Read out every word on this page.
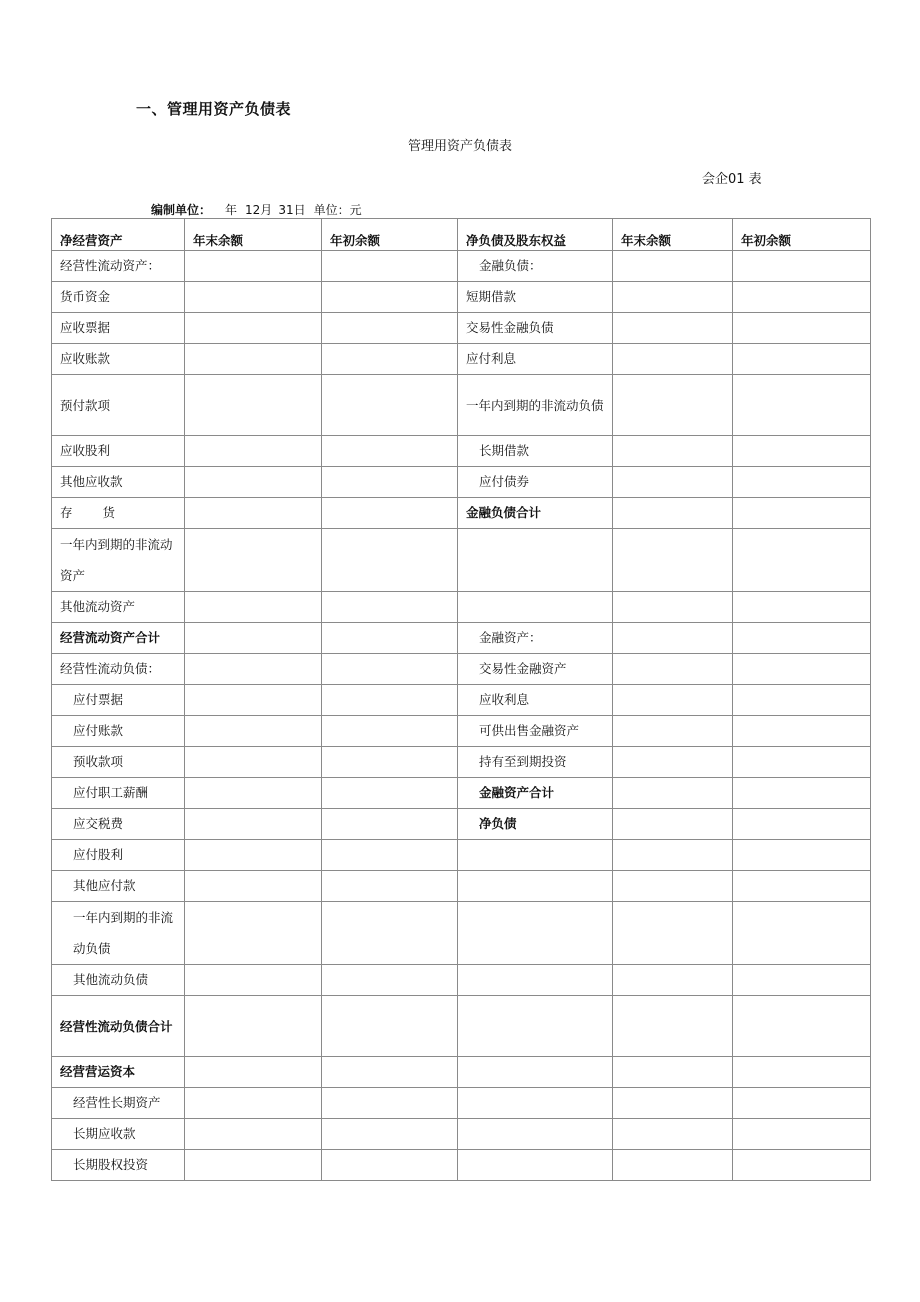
一、管理用资产负债表
管理用资产负债表
会企01 表
编制单位： 年 12月 31日 单位：元
净经营资产	年末余额	年初余额	净负债及股东权益	年末余额	年初余额
经营性流动资产：			金融负债：		
货币资金			短期借款		
应收票据			交易性金融负债		
应收账款			应付利息		
预付款项			一年内到期的非流动负债		
应收股利			长期借款		
其他应收款			应付债券		
存 货			金融负债合计		
一年内到期的非流动资产					
其他流动资产					
经营流动资产合计			金融资产：		
经营性流动负债：			交易性金融资产		
应付票据			应收利息		
应付账款			可供出售金融资产		
预收款项			持有至到期投资		
应付职工薪酬			金融资产合计		
应交税费			净负债		
应付股利					
其他应付款					
一年内到期的非流动负债					
其他流动负债					
经营性流动负债合计					
经营营运资本					
经营性长期资产					
长期应收款					
长期股权投资					
